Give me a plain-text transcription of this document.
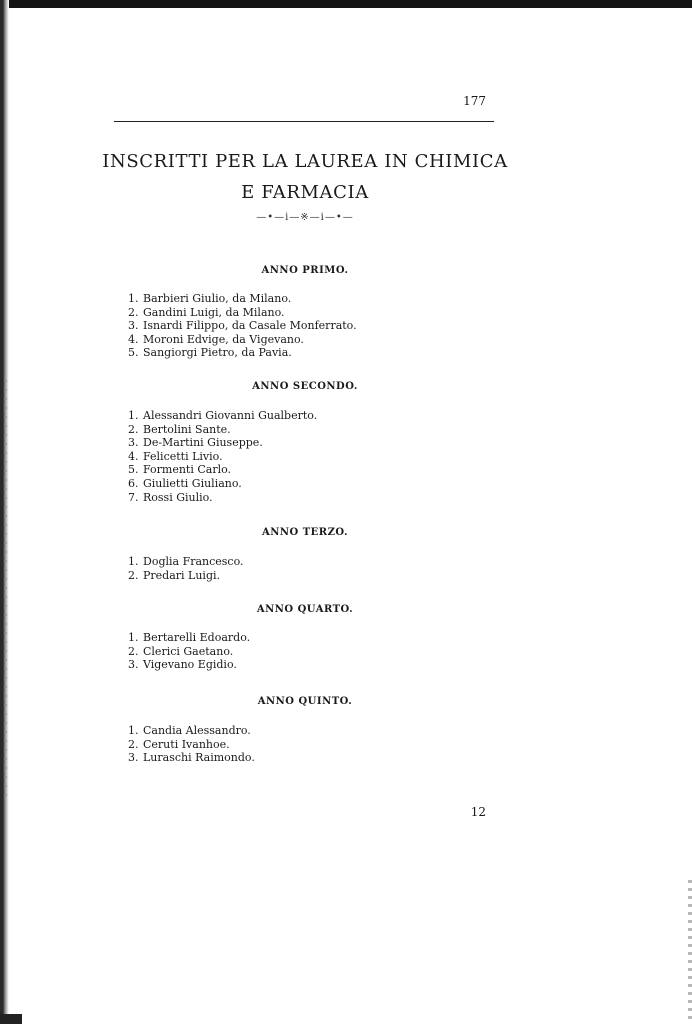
177
INSCRITTI PER LA LAUREA IN CHIMICA
E FARMACIA
—•—i—※—i—•—
ANNO PRIMO.
1. Barbieri Giulio, da Milano.
2. Gandini Luigi, da Milano.
3. Isnardi Filippo, da Casale Monferrato.
4. Moroni Edvige, da Vigevano.
5. Sangiorgi Pietro, da Pavia.
ANNO SECONDO.
1. Alessandri Giovanni Gualberto.
2. Bertolini Sante.
3. De-Martini Giuseppe.
4. Felicetti Livio.
5. Formenti Carlo.
6. Giulietti Giuliano.
7. Rossi Giulio.
ANNO TERZO.
1. Doglia Francesco.
2. Predari Luigi.
ANNO QUARTO.
1. Bertarelli Edoardo.
2. Clerici Gaetano.
3. Vigevano Egidio.
ANNO QUINTO.
1. Candia Alessandro.
2. Ceruti Ivanhoe.
3. Luraschi Raimondo.
12
